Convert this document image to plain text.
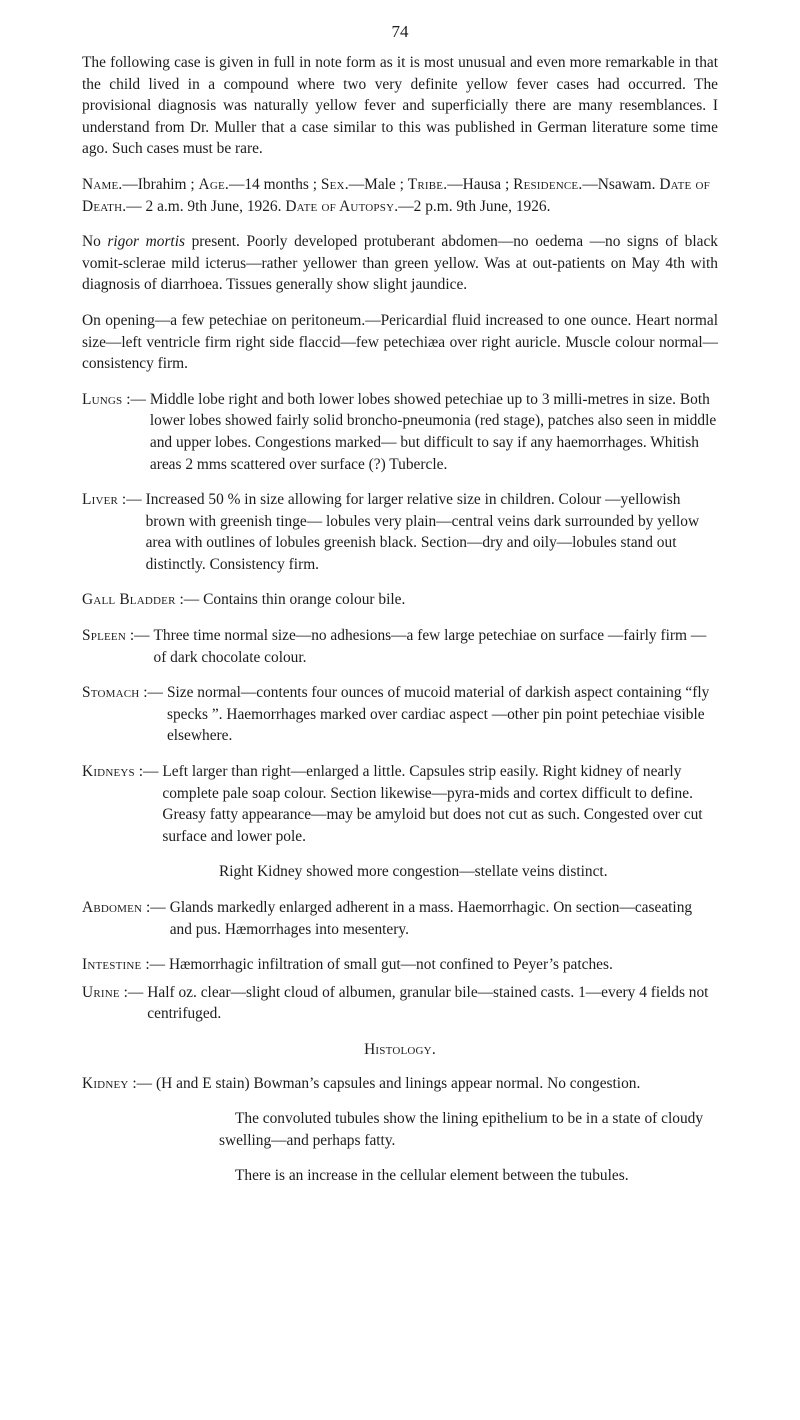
74

The following case is given in full in note form as it is most unusual and even more remarkable in that the child lived in a compound where two very definite yellow fever cases had occurred. The provisional diagnosis was naturally yellow fever and superficially there are many resemblances. I understand from Dr. Muller that a case similar to this was published in German literature some time ago. Such cases must be rare.

Name.—Ibrahim ; Age.—14 months ; Sex.—Male ; Tribe.—Hausa ; Residence.—Nsawam. Date of Death.— 2 a.m. 9th June, 1926. Date of Autopsy.—2 p.m. 9th June, 1926.

No rigor mortis present. Poorly developed protuberant abdomen—no oedema —no signs of black vomit-sclerae mild icterus—rather yellower than green yellow. Was at out-patients on May 4th with diagnosis of diarrhoea. Tissues generally show slight jaundice.

On opening—a few petechiae on peritoneum.—Pericardial fluid increased to one ounce. Heart normal size—left ventricle firm right side flaccid—few petechiæa over right auricle. Muscle colour normal—consistency firm.

Lungs :— Middle lobe right and both lower lobes showed petechiae up to 3 milli-metres in size. Both lower lobes showed fairly solid broncho-pneumonia (red stage), patches also seen in middle and upper lobes. Congestions marked— but difficult to say if any haemorrhages. Whitish areas 2 mms scattered over surface (?) Tubercle.
Liver :— Increased 50 % in size allowing for larger relative size in children. Colour —yellowish brown with greenish tinge— lobules very plain—central veins dark surrounded by yellow area with outlines of lobules greenish black. Section—dry and oily—lobules stand out distinctly. Consistency firm.
Gall Bladder :— Contains thin orange colour bile.
Spleen :— Three time normal size—no adhesions—a few large petechiae on surface —fairly firm — of dark chocolate colour.
Stomach :— Size normal—contents four ounces of mucoid material of darkish aspect containing “fly specks ”. Haemorrhages marked over cardiac aspect —other pin point petechiae visible elsewhere.
Kidneys :— Left larger than right—enlarged a little. Capsules strip easily. Right kidney of nearly complete pale soap colour. Section likewise—pyra-mids and cortex difficult to define. Greasy fatty appearance—may be amyloid but does not cut as such. Congested over cut surface and lower pole.

Right Kidney showed more congestion—stellate veins distinct.

Abdomen :— Glands markedly enlarged adherent in a mass. Haemorrhagic. On section—caseating and pus. Hæmorrhages into mesentery.
Intestine :— Hæmorrhagic infiltration of small gut—not confined to Peyer’s patches.
Urine :— Half oz. clear—slight cloud of albumen, granular bile—stained casts. 1—every 4 fields not centrifuged.

Histology.

Kidney :— (H and E stain) Bowman’s capsules and linings appear normal. No congestion.

The convoluted tubules show the lining epithelium to be in a state of cloudy swelling—and perhaps fatty.

There is an increase in the cellular element between the tubules.
